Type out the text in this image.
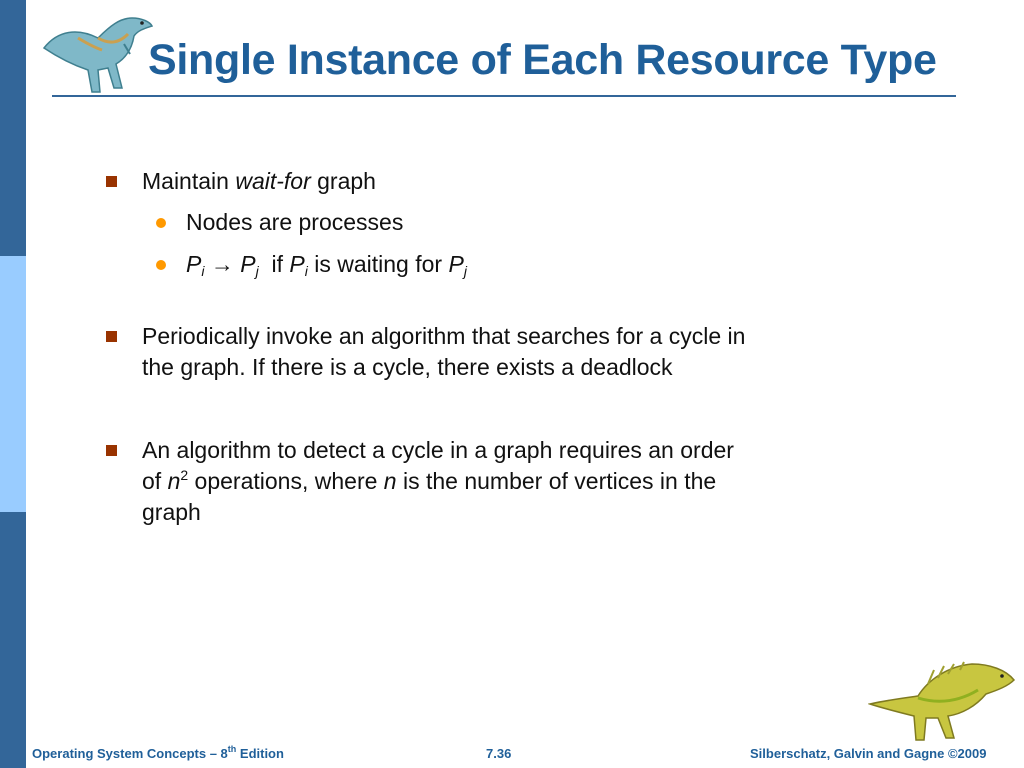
Single Instance of Each Resource Type
Maintain wait-for graph
Nodes are processes
$P_i \to P_j$ if $P_i$ is waiting for $P_j$
Periodically invoke an algorithm that searches for a cycle in
the graph. If there is a cycle, there exists a deadlock
An algorithm to detect a cycle in a graph requires an order
of $n^2$ operations, where n is the number of vertices in the
graph
Operating System Concepts – 8th Edition	7.36	Silberschatz, Galvin and Gagne ©2009
